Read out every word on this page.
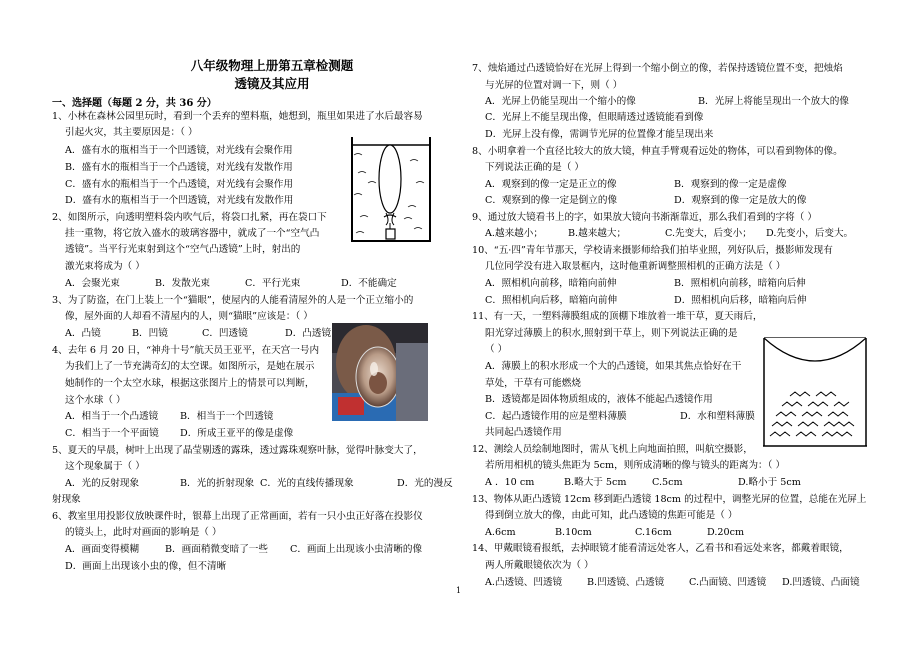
八年级物理上册第五章检测题
透镜及其应用
一、选择题（每题 2 分，共 36 分）
1、小林在森林公园里玩时，看到一个丢弃的塑料瓶，她想到，瓶里如果进了水后最容易
引起火灾，其主要原因是：（ ）
A．盛有水的瓶相当于一个凹透镜，对光线有会聚作用
B．盛有水的瓶相当于一个凸透镜，对光线有发散作用
C．盛有水的瓶相当于一个凸透镜，对光线有会聚作用
D．盛有水的瓶相当于一个凹透镜，对光线有发散作用
2、如图所示，向透明塑料袋内吹气后，将袋口扎紧，再在袋口下
挂一重物，将它放入盛水的玻璃容器中，就成了一个“空气凸
透镜”。当平行光束射到这个“空气凸透镜”上时，射出的
激光束将成为（ ）
A．会聚光束	B．发散光束	C．平行光束	D．不能确定
3、为了防盗，在门上装上一个“猫眼”，使屋内的人能看清屋外的人是一个正立缩小的
像，屋外面的人却看不清屋内的人，则“猫眼”应该是：（ ）
A．凸镜	B．凹镜	C．凹透镜	D．凸透镜
4、去年 6 月 20 日，“神舟十号”航天员王亚平，在天宫一号内
为我们上了一节充满奇幻的太空课。如图所示，是她在展示
她制作的一个太空水球，根据这张图片上的情景可以判断，
这个水球（ ）
A．相当于一个凸透镜 B．相当于一个凹透镜
C．相当于一个平面镜 D．所成王亚平的像是虚像
5、夏天的早晨，树叶上出现了晶莹剔透的露珠，透过露珠观察叶脉，觉得叶脉变大了，
这个现象属于（ ）
A．光的反射现象	B．光的折射现象 C．光的直线传播现象	D．光的漫反
射现象
6、教室里用投影仪放映课件时，银幕上出现了正常画面，若有一只小虫正好落在投影仪
的镜头上，此时对画面的影响是（ ）
A．画面变得模糊	B．画面稍微变暗了一些 C．画面上出现该小虫清晰的像
D．画面上出现该小虫的像，但不清晰
7、烛焰通过凸透镜恰好在光屏上得到一个缩小倒立的像，若保持透镜位置不变，把烛焰
与光屏的位置对调一下，则（ ）
A．光屏上仍能呈现出一个缩小的像	B．光屏上将能呈现出一个放大的像
C．光屏上不能呈现出像，但眼睛透过透镜能看到像
D．光屏上没有像，需调节光屏的位置像才能呈现出来
8、小明拿着一个直径比较大的放大镜，伸直手臂观看远处的物体，可以看到物体的像。
下列说法正确的是（ ）
A．观察到的像一定是正立的像	B．观察到的像一定是虚像
C．观察到的像一定是倒立的像	D．观察到的像一定是放大的像
9、通过放大镜看书上的字，如果放大镜向书渐渐靠近，那么我们看到的字将（ ）
A.越来越小；	B.越来越大；	C.先变大，后变小； D.先变小，后变大。
10、“五·四”青年节那天，学校请来摄影师给我们拍毕业照，列好队后，摄影师发现有
几位同学没有进入取景框内，这时他重新调整照相机的正确方法是（ ）
A．照相机向前移，暗箱向前伸	B．照相机向前移，暗箱向后伸
C．照相机向后移，暗箱向前伸	D．照相机向后移，暗箱向后伸
11、有一天，一塑料薄膜组成的顶棚下堆放着一堆干草，夏天雨后，
阳光穿过薄膜上的积水,照射到干草上，则下列说法正确的是
（ ）
A．薄膜上的积水形成一个大的凸透镜，如果其焦点恰好在干
草处，干草有可能燃烧
B．透镜都是固体物质组成的，液体不能起凸透镜作用
C．起凸透镜作用的应是塑料薄膜	D．水和塑料薄膜
共同起凸透镜作用
12、测绘人员绘制地图时，需从飞机上向地面拍照，叫航空摄影，
若所用相机的镜头焦距为 5cm，则所成清晰的像与镜头的距离为：（ ）
A ．10 cm	B.略大于 5cm	C.5cm	D.略小于 5cm
13、物体从距凸透镜 12cm 移到距凸透镜 18cm 的过程中，调整光屏的位置，总能在光屏上
得到倒立放大的像，由此可知，此凸透镜的焦距可能是（ ）
A.6cm	B.10cm	C.16cm	D.20cm
14、甲戴眼镜看报纸，去掉眼镜才能看清远处客人，乙看书和看远处来客，都戴着眼镜，
两人所戴眼镜依次为（ ）
A.凸透镜、凹透镜	B.凹透镜、凸透镜	C.凸面镜、凹透镜 D.凹透镜、凸面镜
1
